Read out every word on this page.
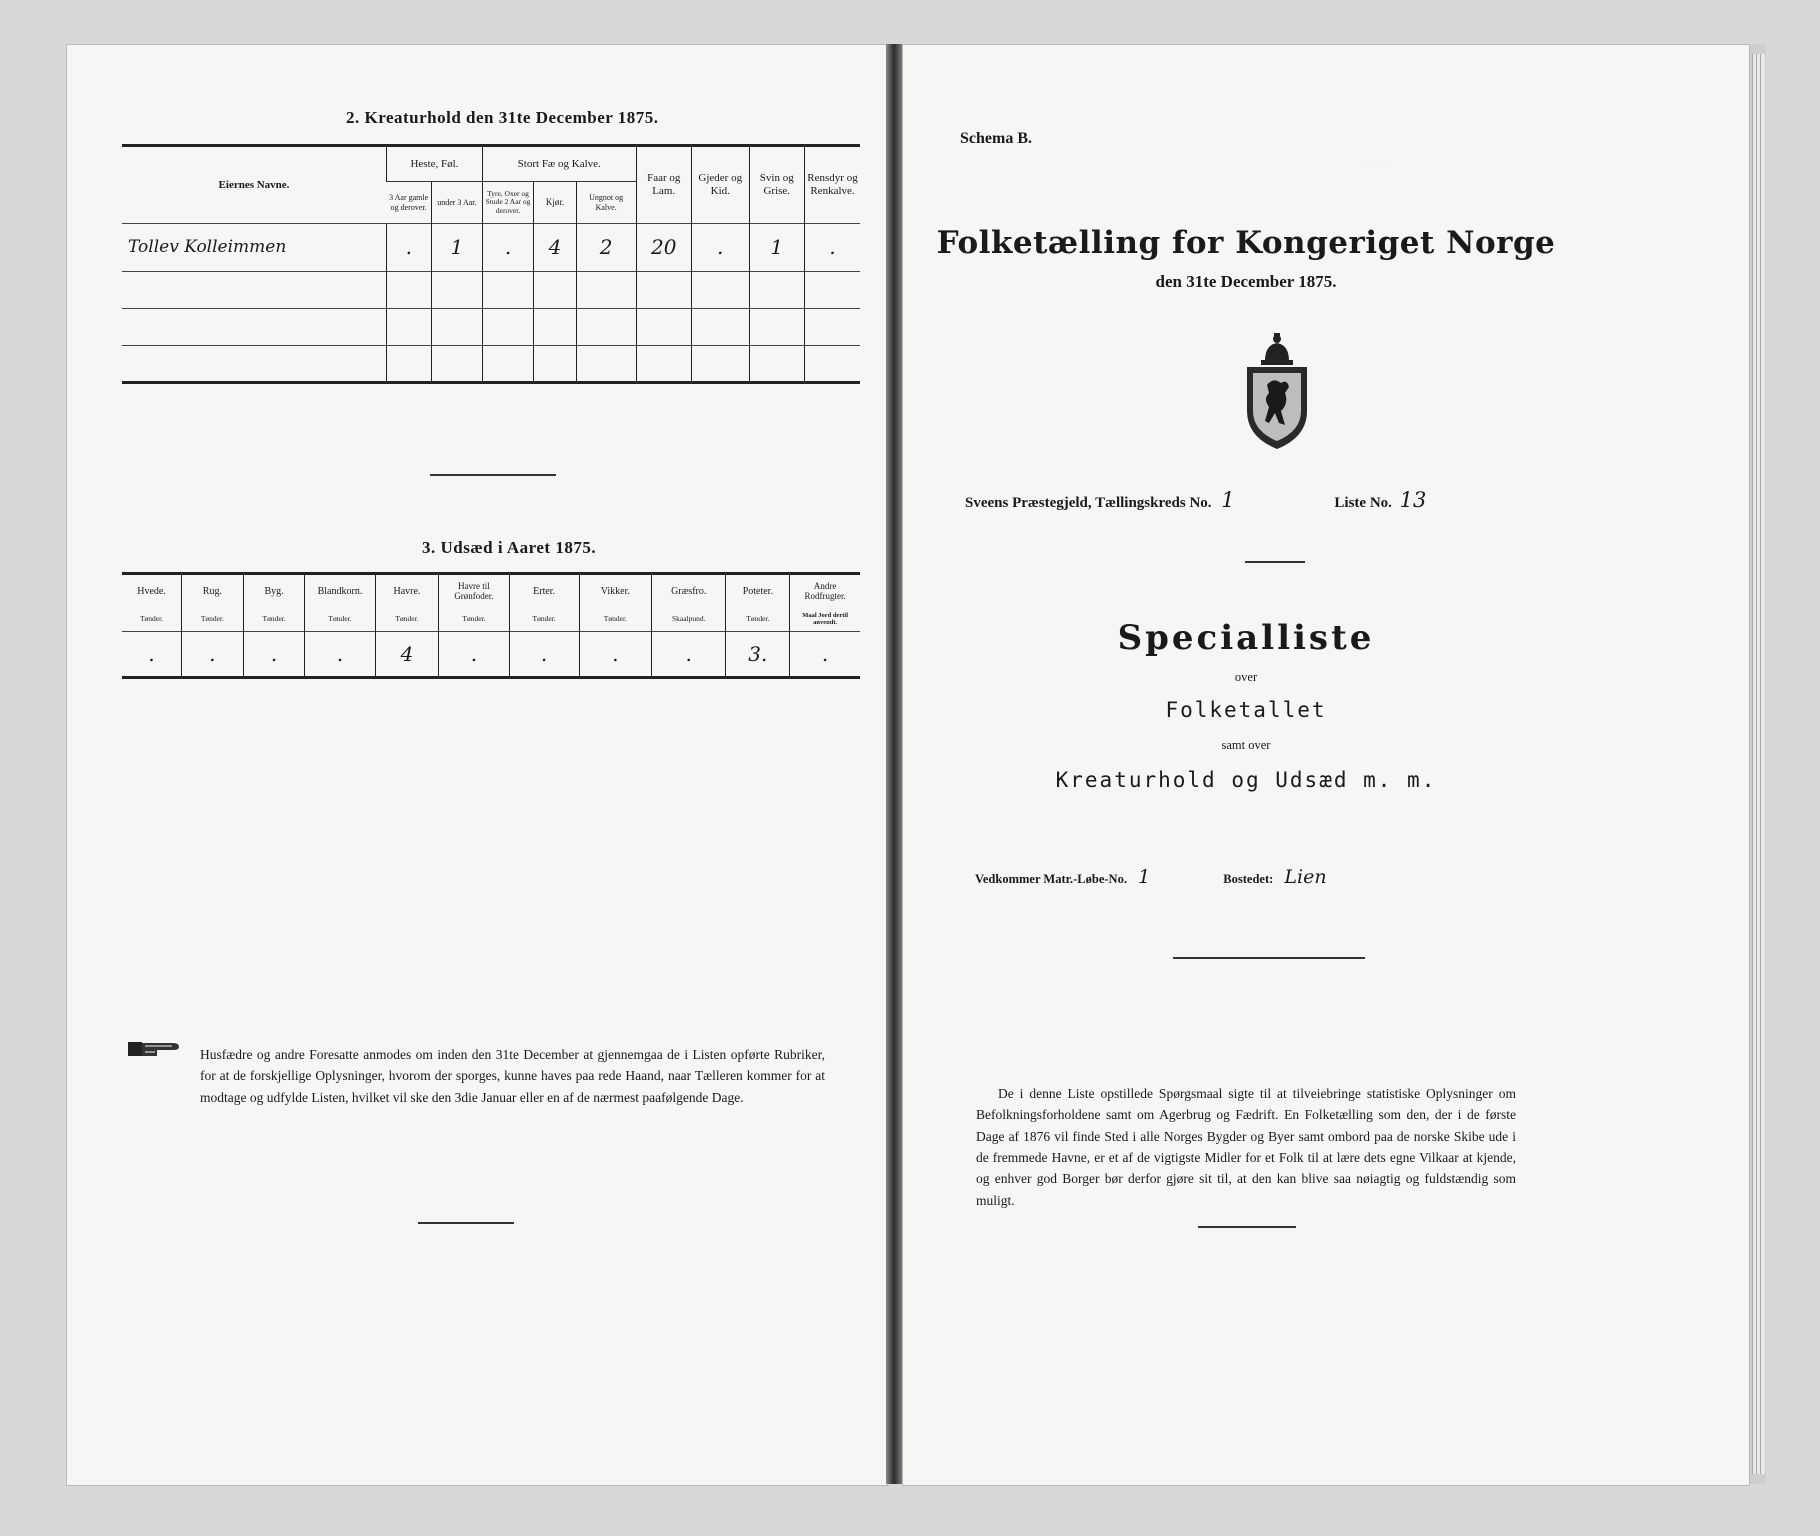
2. Kreaturhold den 31te December 1875.
Eiernes Navne.	Heste, Føl.		Stort Fæ og Kalve.			Faar og Lam.	Gjeder og Kid.	Svin og Grise.	Rensdyr og Renkalve.
	3 Aar gamle og derover.	under 3 Aar.	Tyre, Oxer og Stude 2 Aar og derover.	Kjør.	Ungnot og Kalve.				
Tollev Kolleimmen	․	1	․	4	2	20	․	1	․

3. Udsæd i Aaret 1875.
Hvede.	Rug.	Byg.	Blandkorn.	Havre.	Havre til Grønfoder.	Erter.	Vikker.	Græsfro.	Poteter.	Andre Rodfrugter.
Tønder.	Tønder.	Tønder.	Tønder.	Tønder.	Tønder.	Tønder.	Tønder.	Skaalpund.	Tønder.	Maal Jord dertil anvendt.
․	․	․	․	4	․	․	․	․	3.	․
Husfædre og andre Foresatte anmodes om inden den 31te December at gjennemgaa de i Listen opførte Rubriker, for at de forskjellige Oplysninger, hvorom der sporges, kunne haves paa rede Haand, naar Tælleren kommer for at modtage og udfylde Listen, hvilket vil ske den 3die Januar eller en af de nærmest paafølgende Dage.
· · · · ·
Schema B.
Folketælling for Kongeriget Norge
den 31te December 1875.
Sveens Præstegjeld, Tællingskreds No. 1	Liste No. 13
Specialliste
over
Folketallet
samt over
Kreaturhold og Udsæd m. m.
Vedkommer Matr.-Løbe-No. 1	Bostedet: Lien
De i denne Liste opstillede Spørgsmaal sigte til at tilveiebringe statistiske Oplysninger om Befolkningsforholdene samt om Agerbrug og Fædrift. En Folketælling som den, der i de første Dage af 1876 vil finde Sted i alle Norges Bygder og Byer samt ombord paa de norske Skibe ude i de fremmede Havne, er et af de vigtigste Midler for et Folk til at lære dets egne Vilkaar at kjende, og enhver god Borger bør derfor gjøre sit til, at den kan blive saa nøiagtig og fuldstændig som muligt.
